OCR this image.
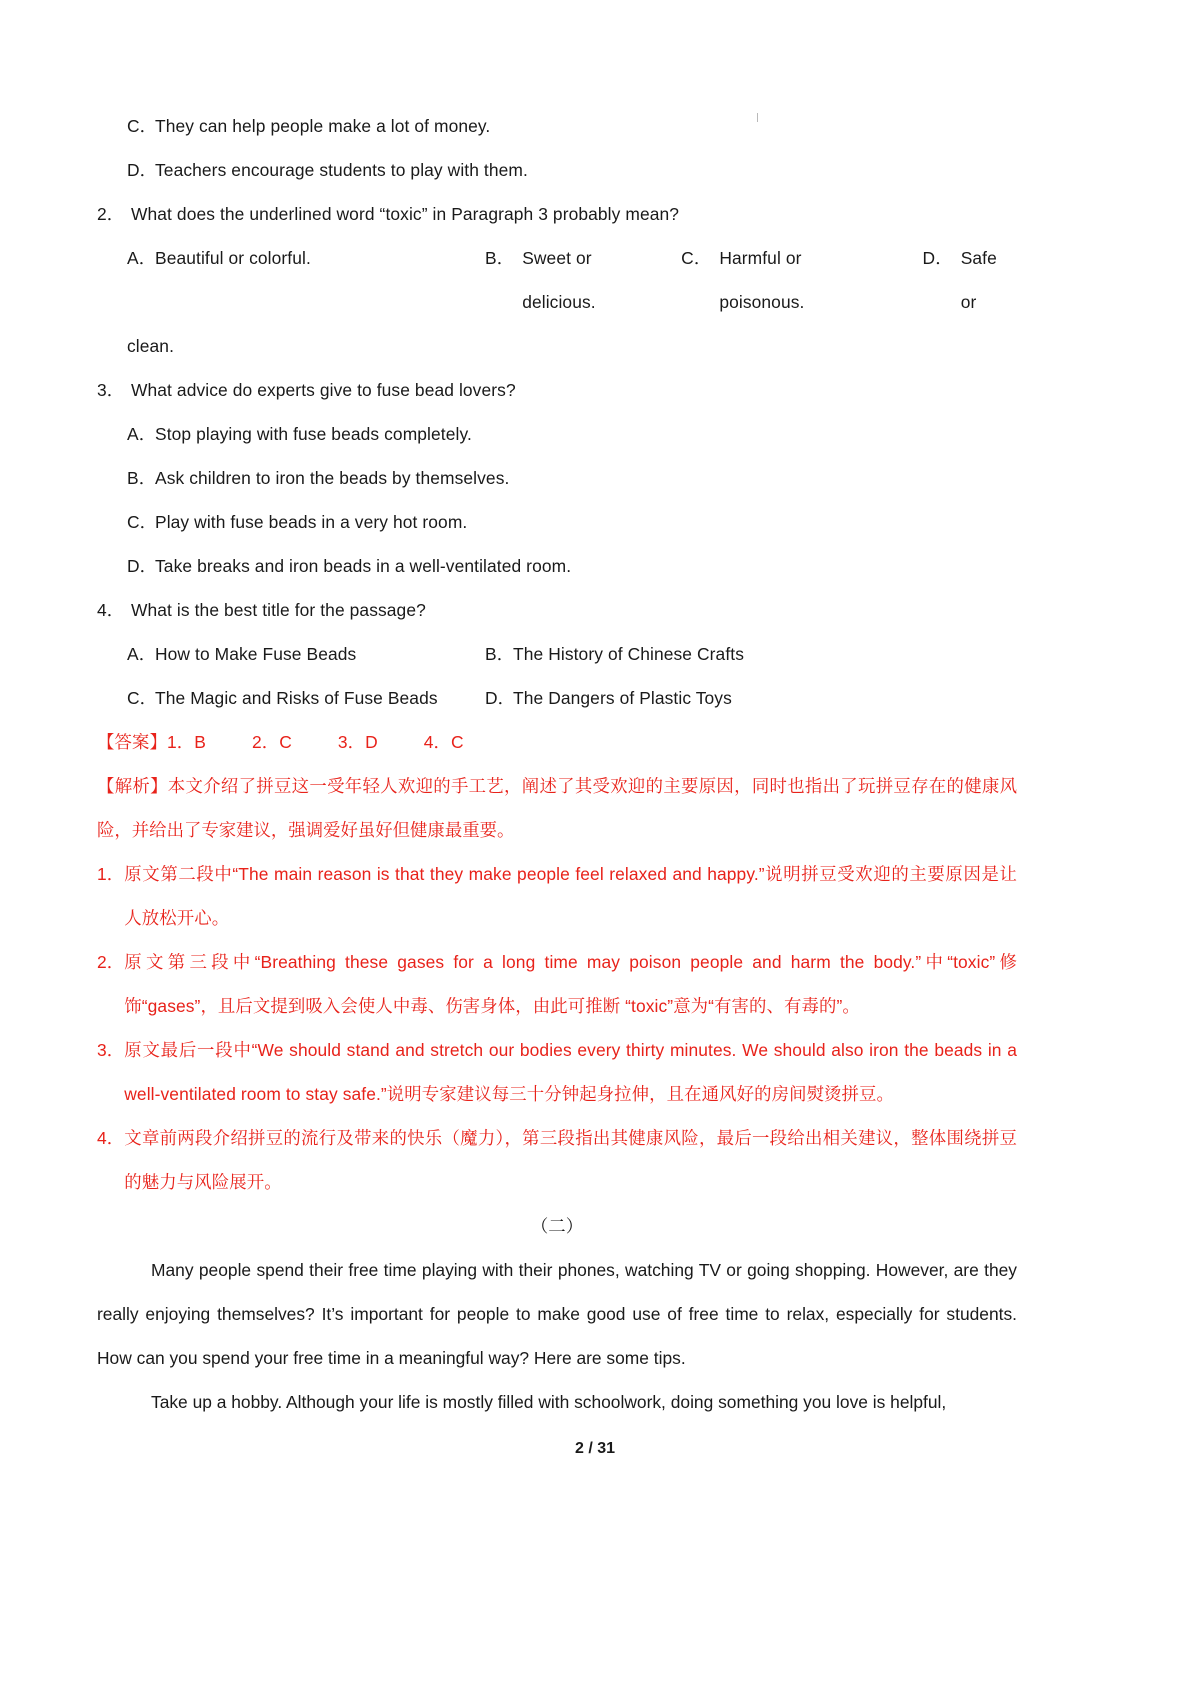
C．
They can help people make a lot of money.
D．
Teachers encourage students to play with them.
2． What does the underlined word “toxic” in Paragraph 3 probably mean?
A．
Beautiful or colorful.	B． Sweet or delicious.
C． Harmful or poisonous.
D． Safe or
clean.
3． What advice do experts give to fuse bead lovers?
A．
Stop playing with fuse beads completely.
B．
Ask children to iron the beads by themselves.
C．
Play with fuse beads in a very hot room.
D．
Take breaks and iron beads in a well-ventilated room.
4． What is the best title for the passage?
A．
How to Make Fuse Beads	B．
The History of Chinese Crafts
C．
The Magic and Risks of Fuse Beads	D．
The Dangers of Plastic Toys
【答案】 1．B	2．C	3．D	4．C
【解析】本文介绍了拼豆这一受年轻人欢迎的手工艺，阐述了其受欢迎的主要原因，同时也指出了玩拼豆存在的健康风险，并给出了专家建议，强调爱好虽好但健康最重要。
1． 原文第二段中“The main reason is that they make people feel relaxed and happy.”说明拼豆受欢迎的主要原因是让人放松开心。
2． 原文第三段中“Breathing these gases for a long time may poison people and harm the body.”中“toxic”修饰“gases”，且后文提到吸入会使人中毒、伤害身体，由此可推断 “toxic”意为“有害的、有毒的”。
3． 原文最后一段中“We should stand and stretch our bodies every thirty minutes. We should also iron the beads in a well-ventilated room to stay safe.”说明专家建议每三十分钟起身拉伸，且在通风好的房间熨烫拼豆。
4． 文章前两段介绍拼豆的流行及带来的快乐（魔力），第三段指出其健康风险，最后一段给出相关建议，整体围绕拼豆的魅力与风险展开。
（二）
Many people spend their free time playing with their phones, watching TV or going shopping. However, are they really enjoying themselves? It’s important for people to make good use of free time to relax, especially for students. How can you spend your free time in a meaningful way? Here are some tips.
Take up a hobby. Although your life is mostly filled with schoolwork, doing something you love is helpful,
2 / 31
